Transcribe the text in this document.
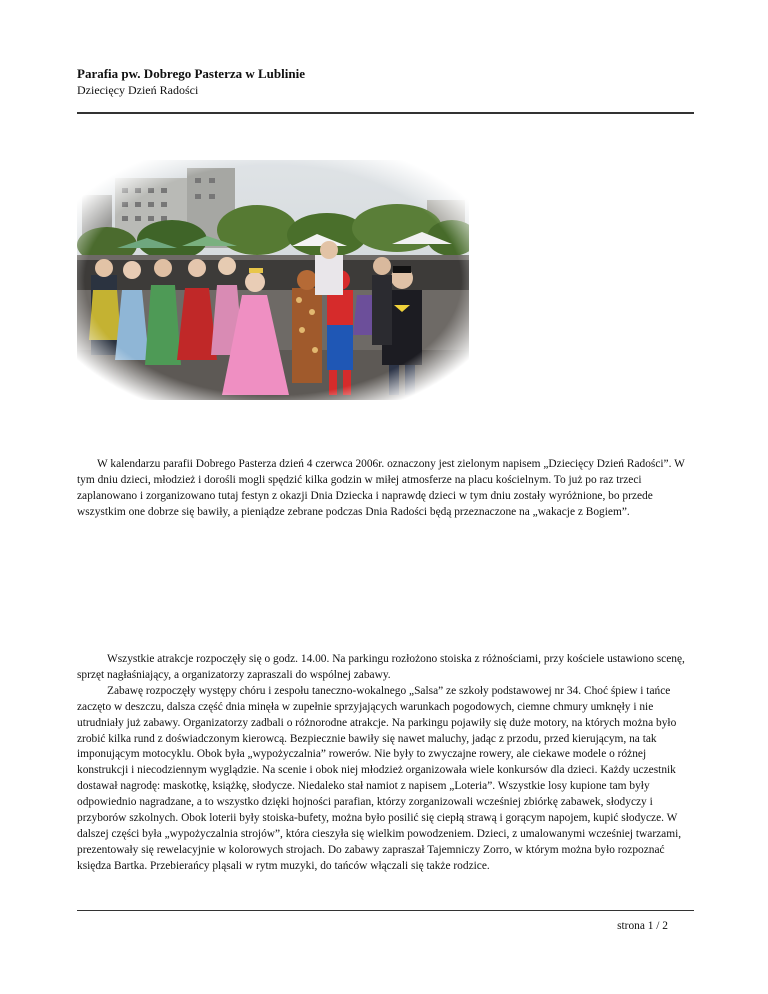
Parafia pw. Dobrego Pasterza w Lublinie

Dziecięcy Dzień Radości

W kalendarzu parafii Dobrego Pasterza dzień 4 czerwca 2006r. oznaczony jest zielonym napisem „Dziecięcy Dzień Radości”. W tym dniu dzieci, młodzież i dorośli mogli spędzić kilka godzin w miłej atmosferze na placu kościelnym. To już po raz trzeci zaplanowano i zorganizowano tutaj festyn z okazji Dnia Dziecka i naprawdę dzieci w tym dniu zostały wyróżnione, bo przede wszystkim one dobrze się bawiły, a pieniądze zebrane podczas Dnia Radości będą przeznaczone na „wakacje z Bogiem”.

Wszystkie atrakcje rozpoczęły się o godz. 14.00. Na parkingu rozłożono stoiska z różnościami, przy kościele ustawiono scenę, sprzęt nagłaśniający, a organizatorzy zapraszali do wspólnej zabawy.

Zabawę rozpoczęły występy chóru i zespołu taneczno-wokalnego „Salsa” ze szkoły podstawowej nr 34. Choć śpiew i tańce zaczęto w deszczu, dalsza część dnia minęła w zupełnie sprzyjających warunkach pogodowych, ciemne chmury umknęły i nie utrudniały już zabawy. Organizatorzy zadbali o różnorodne atrakcje. Na parkingu pojawiły się duże motory, na których można było zrobić kilka rund z doświadczonym kierowcą. Bezpiecznie bawiły się nawet maluchy, jadąc z przodu, przed kierującym, na tak imponującym motocyklu. Obok była „wypożyczalnia” rowerów. Nie były to zwyczajne rowery, ale ciekawe modele o różnej konstrukcji i niecodziennym wyglądzie. Na scenie i obok niej młodzież organizowała wiele konkursów dla dzieci. Każdy uczestnik dostawał nagrodę: maskotkę, książkę, słodycze. Niedaleko stał namiot z napisem „Loteria”. Wszystkie losy kupione tam były odpowiednio nagradzane, a to wszystko dzięki hojności parafian, którzy zorganizowali wcześniej zbiórkę zabawek, słodyczy i przyborów szkolnych. Obok loterii były stoiska-bufety, można było posilić się ciepłą strawą i gorącym napojem, kupić słodycze. W dalszej części była „wypożyczalnia strojów”, która cieszyła się wielkim powodzeniem. Dzieci, z umalowanymi wcześniej twarzami, prezentowały się rewelacyjnie w kolorowych strojach. Do zabawy zapraszał Tajemniczy Zorro, w którym można było rozpoznać księdza Bartka. Przebierańcy pląsali w rytm muzyki, do tańców włączali się także rodzice.

strona 1 / 2
